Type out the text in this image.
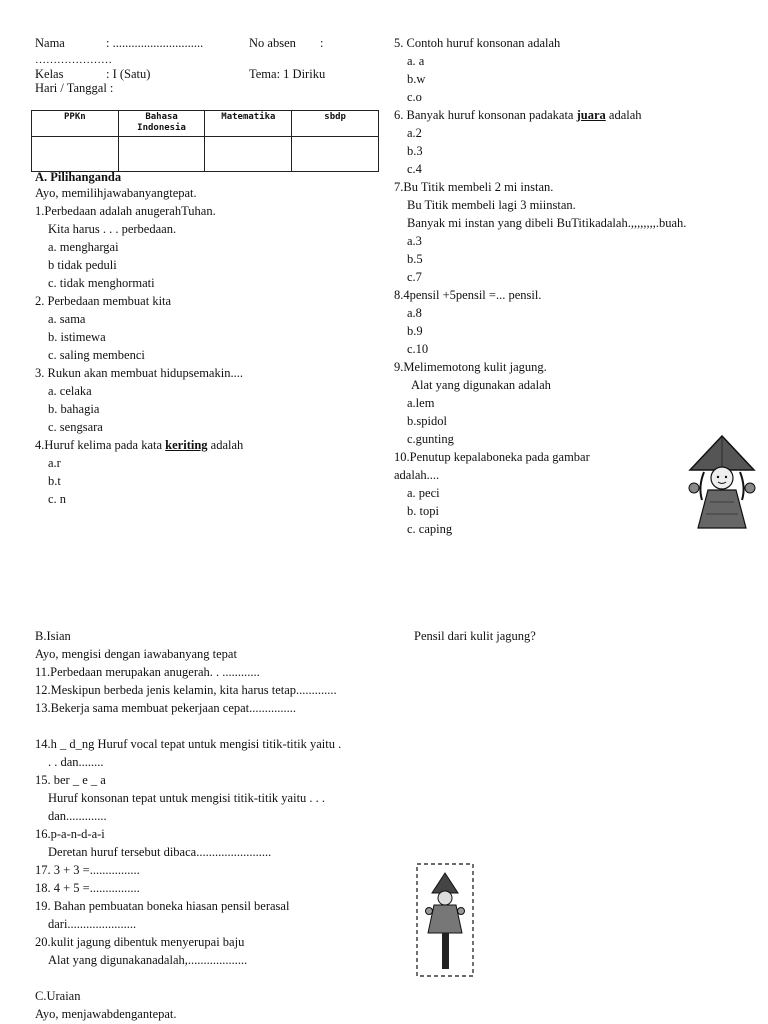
Nama	: .............................	No absen :
…………………
Kelas	: I (Satu)	Tema: 1 Diriku
Hari / Tanggal :
PPKn	Bahasa Indonesia	Matematika	sbdp

A. Pilihanganda
Ayo, memilihjawabanyangtepat.
1.Perbedaan adalah anugerahTuhan.
Kita harus . . . perbedaan.
a. menghargai
b tidak peduli
c. tidak menghormati
2. Perbedaan membuat kita
a. sama
b. istimewa
c. saling membenci
3. Rukun akan membuat hidupsemakin....
a. celaka
b. bahagia
c. sengsara
4.Huruf kelima pada kata keriting adalah
a.r
b.t
c. n
5. Contoh huruf konsonan adalah
a. a
b.w
c.o
6. Banyak huruf konsonan padakata juara adalah
a.2
b.3
c.4
7.Bu Titik membeli 2 mi instan.
Bu Titik membeli lagi 3 miinstan.
Banyak mi instan yang dibeli BuTitikadalah.,,,,,,,,.buah.
a.3
b.5
c.7
8.4pensil +5pensil =... pensil.
a.8
b.9
c.10
9.Melimemotong kulit jagung.
Alat yang digunakan adalah
a.lem
b.spidol
c.gunting
10.Penutup kepalaboneka pada gambar
adalah....
a. peci
b. topi
c. caping
B.Isian
Ayo, mengisi dengan iawabanyang tepat
11.Perbedaan merupakan anugerah. . ............
12.Meskipun berbeda jenis kelamin, kita harus tetap.............
13.Bekerja sama membuat pekerjaan cepat...............
14.h _ d_ng Huruf vocal tepat untuk mengisi titik-titik yaitu .
. . dan........
15. ber _ e _ a
Huruf konsonan tepat untuk mengisi titik-titik yaitu . . .
dan.............
16.p-a-n-d-a-i
Deretan huruf tersebut dibaca........................
17. 3 + 3 =................
18. 4 + 5 =................
19. Bahan pembuatan boneka hiasan pensil berasal
dari......................
20.kulit jagung dibentuk menyerupai baju
Alat yang digunakanadalah,...................
C.Uraian
Ayo, menjawabdengantepat.
Pensil dari kulit jagung?
